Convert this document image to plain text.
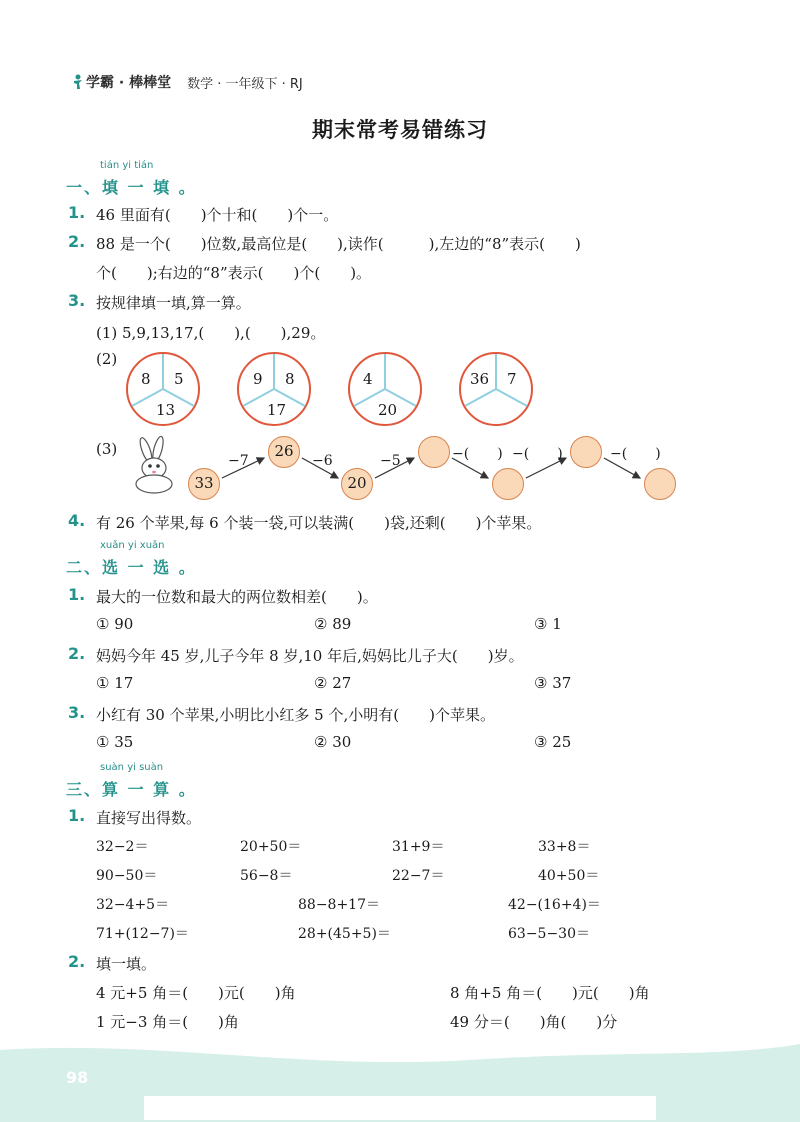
学霸 · 棒棒堂 数学 · 一年级下 · RJ
期末常考易错练习
tián yi tián
一、填 一 填 。
1. 46 里面有(　　)个十和(　　)个一。
2. 88 是一个(　　)位数,最高位是(　　),读作(　　　),左边的“8”表示(　　)
个(　　);右边的“8”表示(　　)个(　　)。
3. 按规律填一填,算一算。
(1) 5,9,13,17,(　　),(　　),29。
(2)
8 5
13
9 8
17
4
20
36 7
(3)
33
26
20
−7	−6	−5	−(　　) −(　　)	−(　　)
4. 有 26 个苹果,每 6 个装一袋,可以装满(　　)袋,还剩(　　)个苹果。
xuǎn yi xuǎn
二、选 一 选 。
1. 最大的一位数和最大的两位数相差(　　)。
① 90	② 89	③ 1
2. 妈妈今年 45 岁,儿子今年 8 岁,10 年后,妈妈比儿子大(　　)岁。
① 17	② 27	③ 37
3. 小红有 30 个苹果,小明比小红多 5 个,小明有(　　)个苹果。
① 35	② 30	③ 25
suàn yi suàn
三、算 一 算 。
1. 直接写出得数。
32−2＝	20+50＝	31+9＝	33+8＝
90−50＝	56−8＝	22−7＝	40+50＝
32−4+5＝	88−8+17＝	42−(16+4)＝
71+(12−7)＝	28+(45+5)＝	63−5−30＝
2. 填一填。
4 元+5 角＝(　　)元(　　)角	8 角+5 角＝(　　)元(　　)角
1 元−3 角＝(　　)角	49 分＝(　　)角(　　)分
98
